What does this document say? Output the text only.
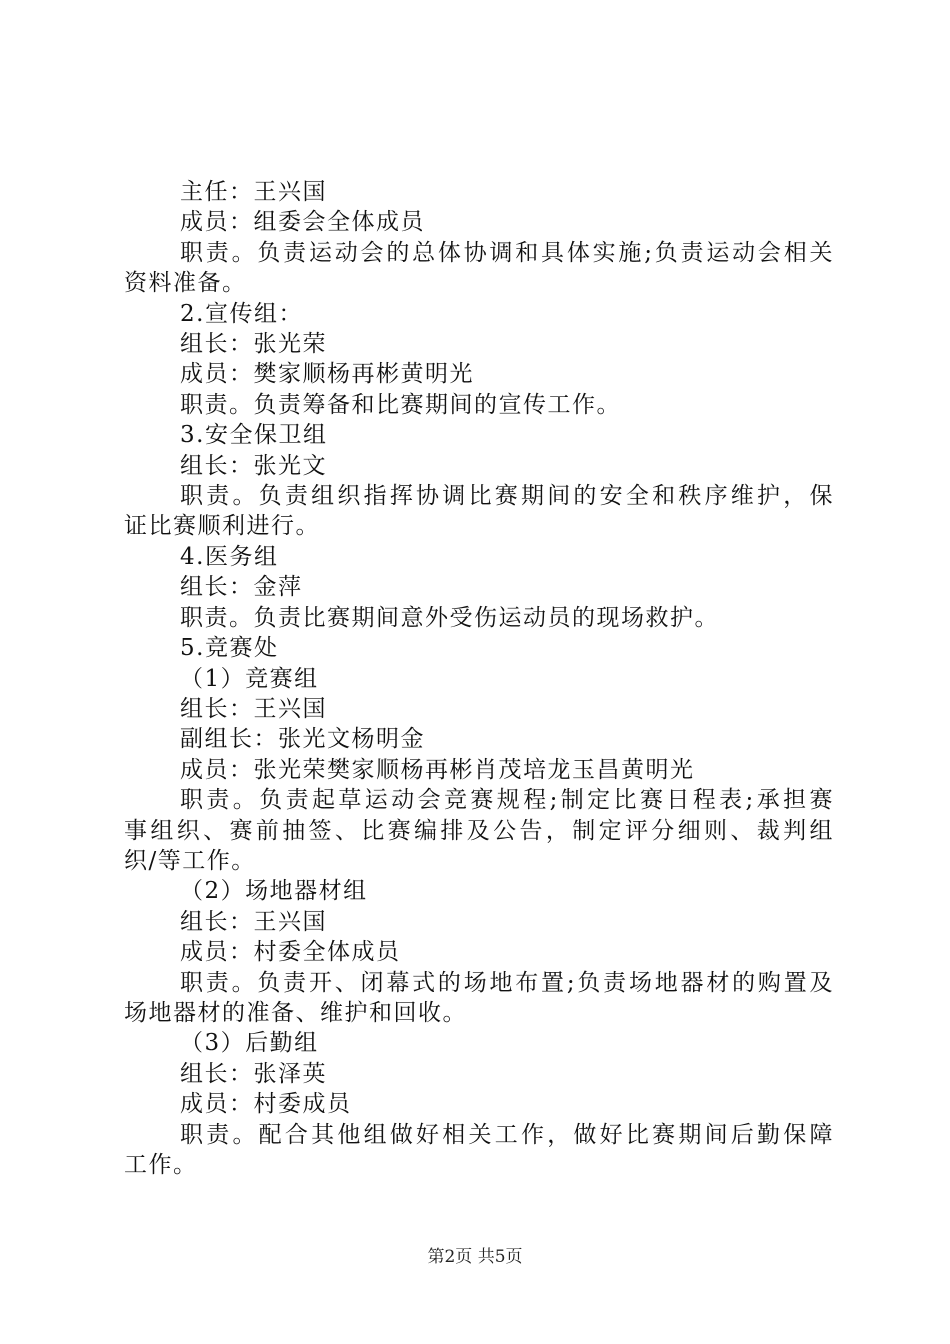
主任：王兴国
成员：组委会全体成员
职责。负责运动会的总体协调和具体实施;负责运动会相关
资料准备。
2.宣传组：
组长：张光荣
成员：樊家顺杨再彬黄明光
职责。负责筹备和比赛期间的宣传工作。
3.安全保卫组
组长：张光文
职责。负责组织指挥协调比赛期间的安全和秩序维护，保
证比赛顺利进行。
4.医务组
组长：金萍
职责。负责比赛期间意外受伤运动员的现场救护。
5.竞赛处
（1）竞赛组
组长：王兴国
副组长：张光文杨明金
成员：张光荣樊家顺杨再彬肖茂培龙玉昌黄明光
职责。负责起草运动会竞赛规程;制定比赛日程表;承担赛
事组织、赛前抽签、比赛编排及公告，制定评分细则、裁判组
织/等工作。
（2）场地器材组
组长：王兴国
成员：村委全体成员
职责。负责开、闭幕式的场地布置;负责场地器材的购置及
场地器材的准备、维护和回收。
（3）后勤组
组长：张泽英
成员：村委成员
职责。配合其他组做好相关工作，做好比赛期间后勤保障
工作。
第2页 共5页
